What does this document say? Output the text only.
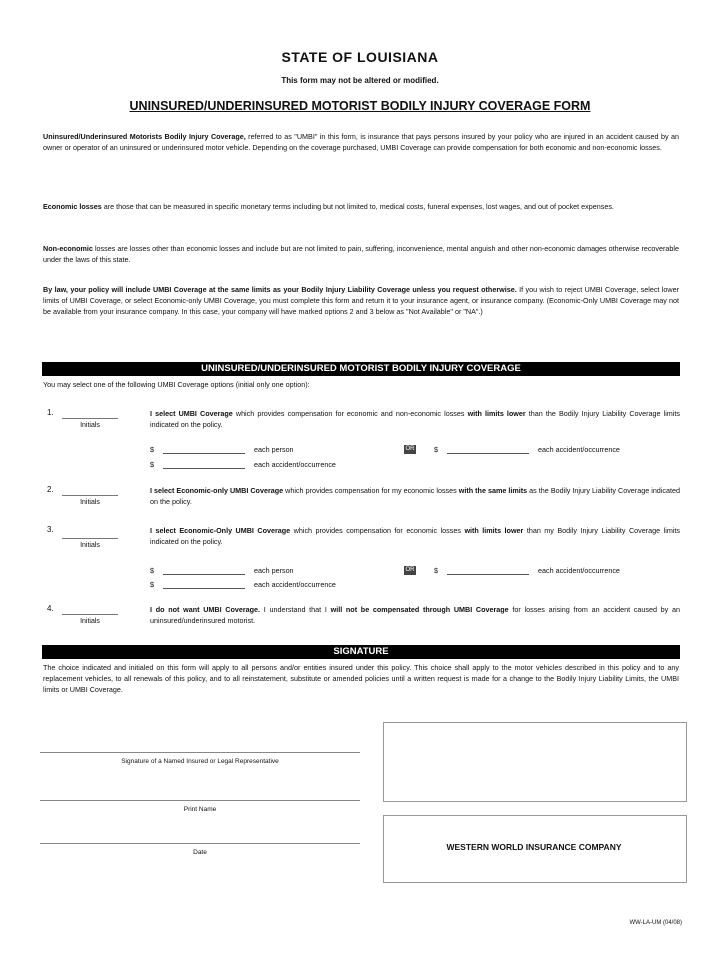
STATE OF LOUISIANA
This form may not be altered or modified.
UNINSURED/UNDERINSURED MOTORIST BODILY INJURY COVERAGE FORM
Uninsured/Underinsured Motorists Bodily Injury Coverage, referred to as "UMBI" in this form, is insurance that pays persons insured by your policy who are injured in an accident caused by an owner or operator of an uninsured or underinsured motor vehicle. Depending on the coverage purchased, UMBI Coverage can provide compensation for both economic and non-economic losses.
Economic losses are those that can be measured in specific monetary terms including but not limited to, medical costs, funeral expenses, lost wages, and out of pocket expenses.
Non-economic losses are losses other than economic losses and include but are not limited to pain, suffering, inconvenience, mental anguish and other non-economic damages otherwise recoverable under the laws of this state.
By law, your policy will include UMBI Coverage at the same limits as your Bodily Injury Liability Coverage unless you request otherwise. If you wish to reject UMBI Coverage, select lower limits of UMBI Coverage, or select Economic-only UMBI Coverage, you must complete this form and return it to your insurance agent, or insurance company. (Economic-Only UMBI Coverage may not be available from your insurance company. In this case, your company will have marked options 2 and 3 below as "Not Available" or "NA".)
UNINSURED/UNDERINSURED MOTORIST BODILY INJURY COVERAGE
You may select one of the following UMBI Coverage options (initial only one option):
1.
Initials
I select UMBI Coverage which provides compensation for economic and non-economic losses with limits lower than the Bodily Injury Liability Coverage limits indicated on the policy.
$	each person	OR	$	each accident/occurrence
$	each accident/occurrence
2.
Initials
I select Economic-only UMBI Coverage which provides compensation for my economic losses with the same limits as the Bodily Injury Liability Coverage indicated on the policy.
3.
Initials
I select Economic-Only UMBI Coverage which provides compensation for economic losses with limits lower than my Bodily Injury Liability Coverage limits indicated on the policy.
$	each person	OR	$	each accident/occurrence
$	each accident/occurrence
4.
Initials
I do not want UMBI Coverage. I understand that I will not be compensated through UMBI Coverage for losses arising from an accident caused by an uninsured/underinsured motorist.
SIGNATURE
The choice indicated and initialed on this form will apply to all persons and/or entities insured under this policy. This choice shall apply to the motor vehicles described in this policy and to any replacement vehicles, to all renewals of this policy, and to all reinstatement, substitute or amended policies until a written request is made for a change to the Bodily Injury Liability Limits, the UMBI limits or UMBI Coverage.
Signature of a Named Insured or Legal Representative
Print Name
Date
WESTERN WORLD INSURANCE COMPANY
WW-LA-UM (04/08)
